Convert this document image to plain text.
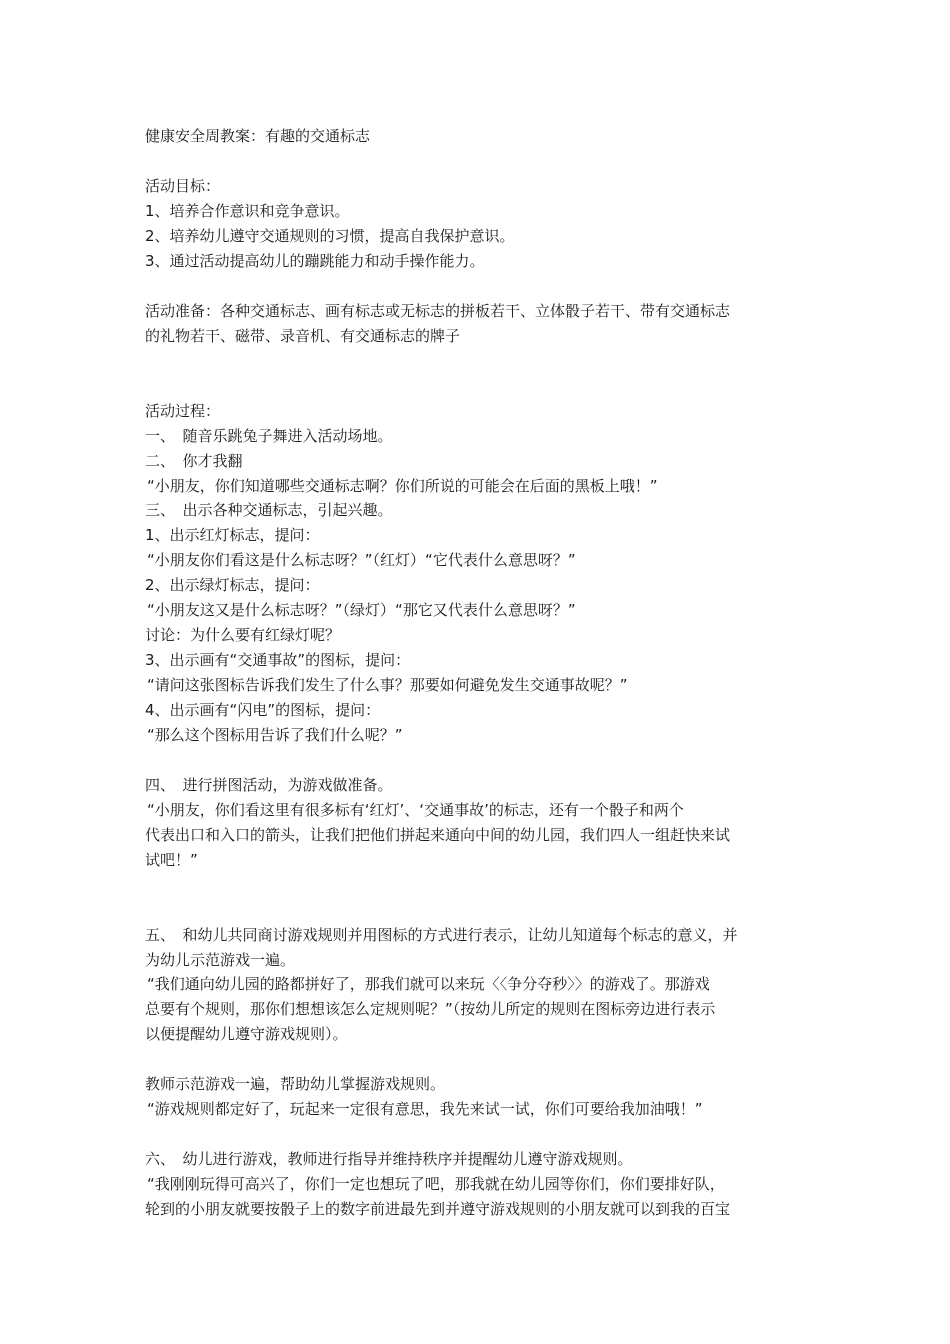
健康安全周教案：有趣的交通标志
活动目标：
1、培养合作意识和竞争意识。
2、培养幼儿遵守交通规则的习惯，提高自我保护意识。
3、通过活动提高幼儿的蹦跳能力和动手操作能力。
活动准备：各种交通标志、画有标志或无标志的拼板若干、立体骰子若干、带有交通标志
的礼物若干、磁带、录音机、有交通标志的牌子
活动过程：
一、　随音乐跳兔子舞进入活动场地。
二、　你才我翻
“小朋友，你们知道哪些交通标志啊？你们所说的可能会在后面的黑板上哦！”
三、　出示各种交通标志，引起兴趣。
1、出示红灯标志，提问：
“小朋友你们看这是什么标志呀？”（红灯）“它代表什么意思呀？”
2、出示绿灯标志，提问：
“小朋友这又是什么标志呀？”（绿灯）“那它又代表什么意思呀？”
讨论：为什么要有红绿灯呢？
3、出示画有“交通事故”的图标，提问：
“请问这张图标告诉我们发生了什么事？那要如何避免发生交通事故呢？”
4、出示画有“闪电”的图标，提问：
“那么这个图标用告诉了我们什么呢？”
四、　进行拼图活动，为游戏做准备。
“小朋友，你们看这里有很多标有‘红灯’、‘交通事故’的标志，还有一个骰子和两个
代表出口和入口的箭头，让我们把他们拼起来通向中间的幼儿园，我们四人一组赶快来试
试吧！”
五、　和幼儿共同商讨游戏规则并用图标的方式进行表示，让幼儿知道每个标志的意义，并
为幼儿示范游戏一遍。
“我们通向幼儿园的路都拼好了，那我们就可以来玩〈〈争分夺秒〉〉的游戏了。那游戏
总要有个规则，那你们想想该怎么定规则呢？”（按幼儿所定的规则在图标旁边进行表示
以便提醒幼儿遵守游戏规则）。
教师示范游戏一遍，帮助幼儿掌握游戏规则。
“游戏规则都定好了，玩起来一定很有意思，我先来试一试，你们可要给我加油哦！”
六、　幼儿进行游戏，教师进行指导并维持秩序并提醒幼儿遵守游戏规则。
“我刚刚玩得可高兴了，你们一定也想玩了吧，那我就在幼儿园等你们，你们要排好队，
轮到的小朋友就要按骰子上的数字前进最先到并遵守游戏规则的小朋友就可以到我的百宝
